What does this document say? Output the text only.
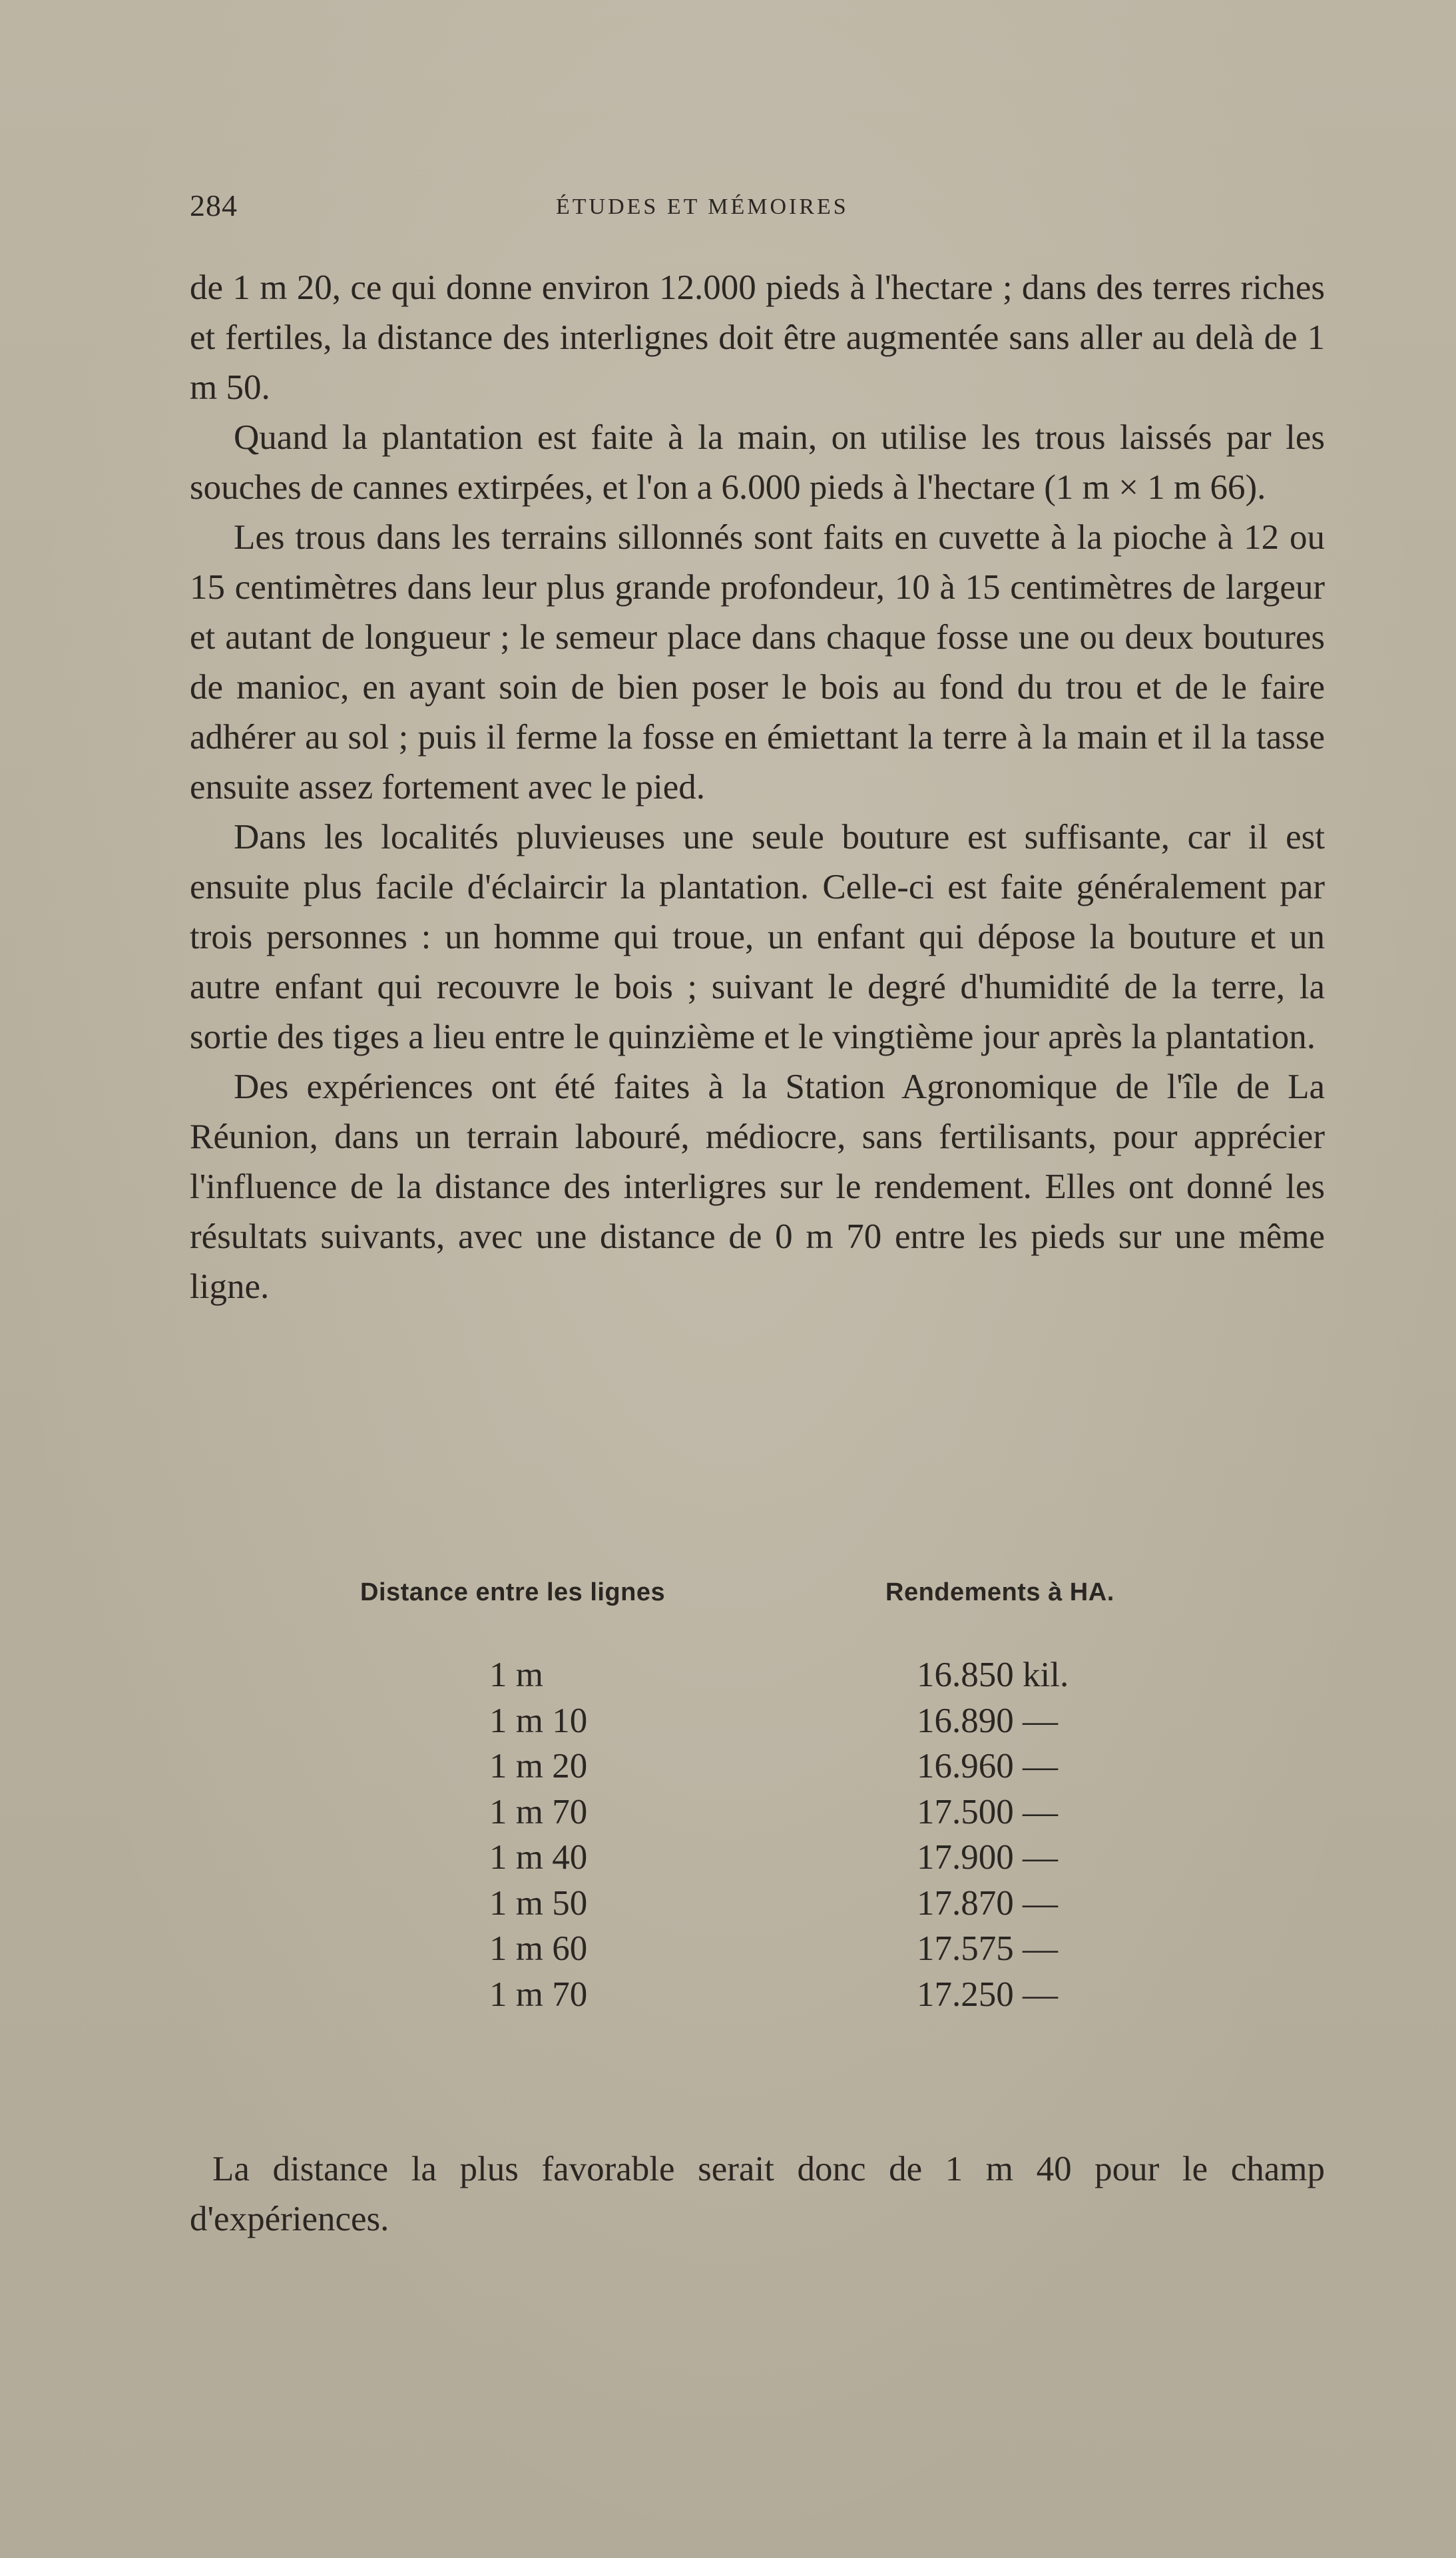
284	ÉTUDES ET MÉMOIRES

de 1 m 20, ce qui donne environ 12.000 pieds à l'hectare ; dans des terres riches et fertiles, la distance des interlignes doit être augmentée sans aller au delà de 1 m 50.

Quand la plantation est faite à la main, on utilise les trous laissés par les souches de cannes extirpées, et l'on a 6.000 pieds à l'hectare (1 m × 1 m 66).

Les trous dans les terrains sillonnés sont faits en cuvette à la pioche à 12 ou 15 centimètres dans leur plus grande profondeur, 10 à 15 centimètres de largeur et autant de longueur ; le semeur place dans chaque fosse une ou deux boutures de manioc, en ayant soin de bien poser le bois au fond du trou et de le faire adhérer au sol ; puis il ferme la fosse en émiettant la terre à la main et il la tasse ensuite assez fortement avec le pied.

Dans les localités pluvieuses une seule bouture est suffisante, car il est ensuite plus facile d'éclaircir la plantation. Celle-ci est faite généralement par trois personnes : un homme qui troue, un enfant qui dépose la bouture et un autre enfant qui recouvre le bois ; suivant le degré d'humidité de la terre, la sortie des tiges a lieu entre le quinzième et le vingtième jour après la plantation.

Des expériences ont été faites à la Station Agronomique de l'île de La Réunion, dans un terrain labouré, médiocre, sans fertilisants, pour apprécier l'influence de la distance des interligres sur le rendement. Elles ont donné les résultats suivants, avec une distance de 0 m 70 entre les pieds sur une même ligne.

Distance entre les lignes	Rendements à HA.
1 m	16.850 kil.
1 m 10	16.890 —
1 m 20	16.960 —
1 m 70	17.500 —
1 m 40	17.900 —
1 m 50	17.870 —
1 m 60	17.575 —
1 m 70	17.250 —

La distance la plus favorable serait donc de 1 m 40 pour le champ d'expériences.
